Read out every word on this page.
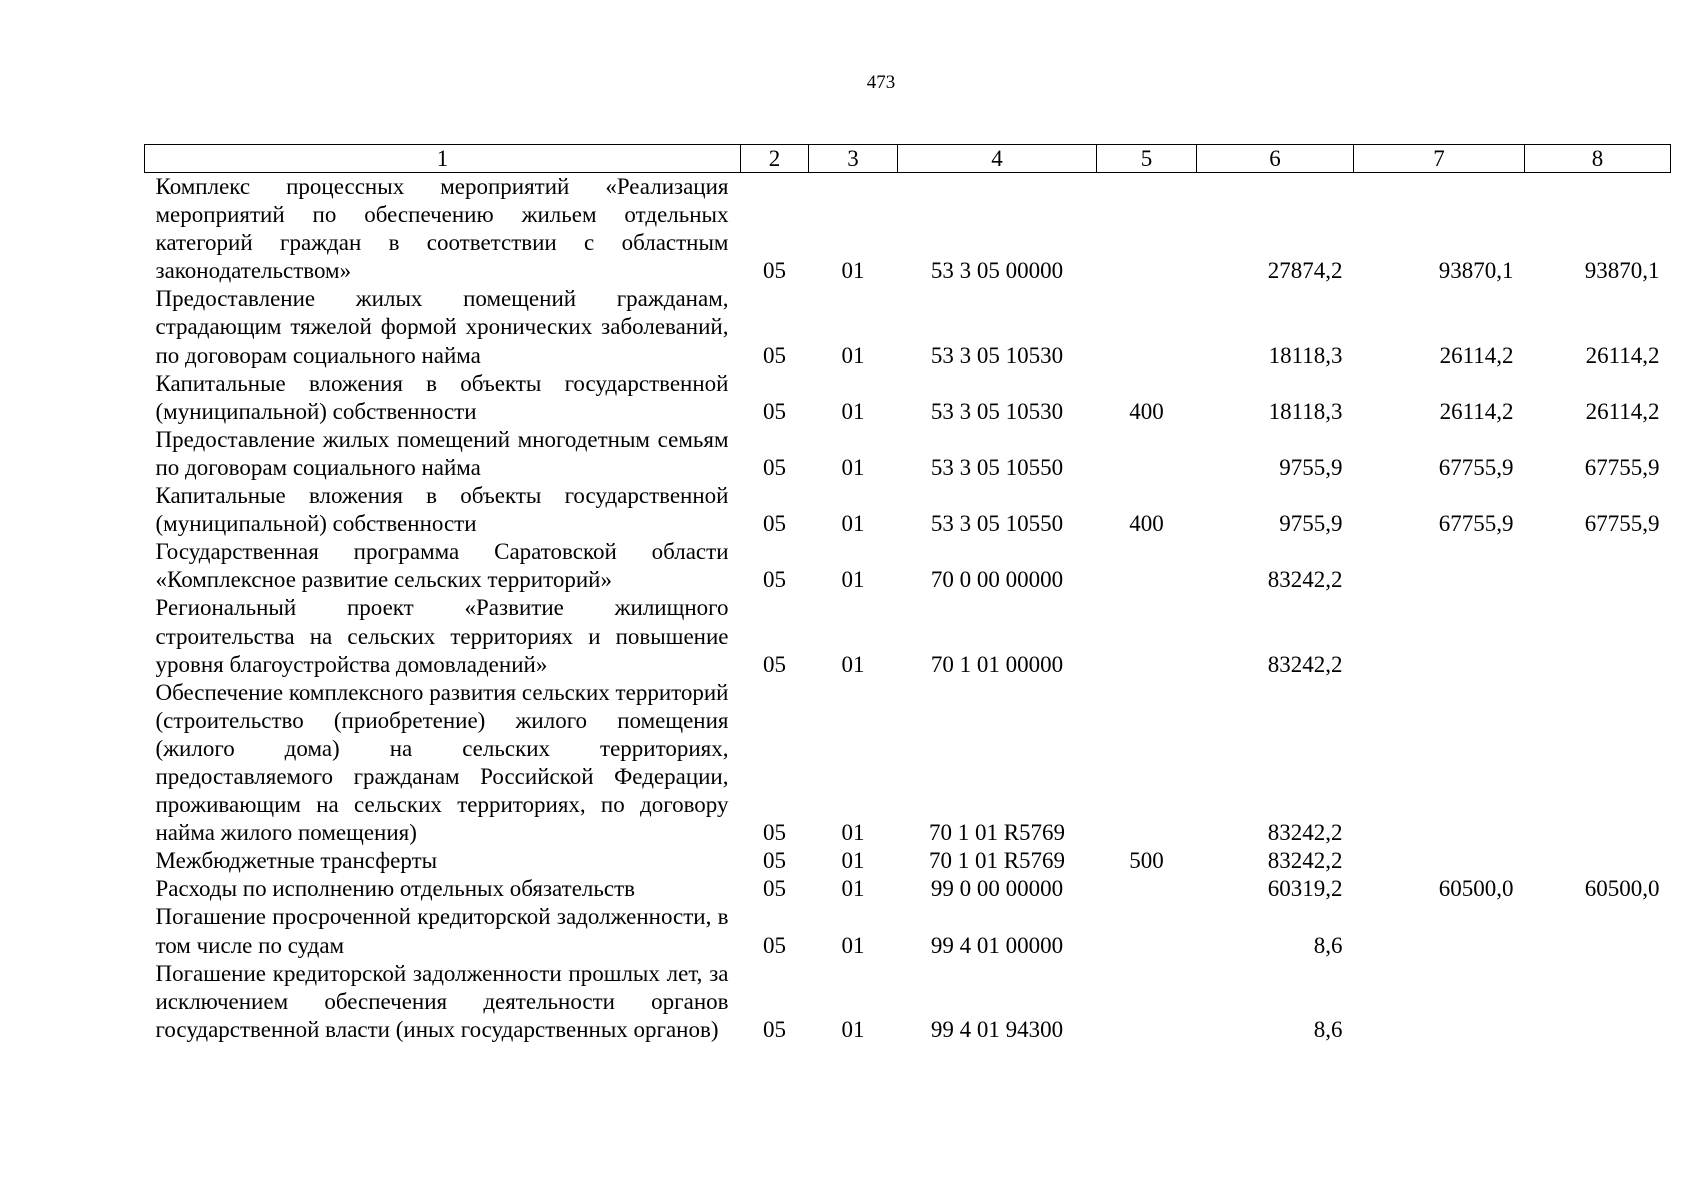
473
1	2	3	4	5	6	7	8
Комплекс процессных мероприятий «Реализация мероприятий по обеспечению жильем отдельных категорий граждан в соответствии с областным законодательством»	05	01	53 3 05 00000		27874,2	93870,1	93870,1
Предоставление жилых помещений гражданам, страдающим тяжелой формой хронических заболеваний, по договорам социального найма	05	01	53 3 05 10530		18118,3	26114,2	26114,2
Капитальные вложения в объекты государственной (муниципальной) собственности	05	01	53 3 05 10530	400	18118,3	26114,2	26114,2
Предоставление жилых помещений многодетным семьям по договорам социального найма	05	01	53 3 05 10550		9755,9	67755,9	67755,9
Капитальные вложения в объекты государственной (муниципальной) собственности	05	01	53 3 05 10550	400	9755,9	67755,9	67755,9
Государственная программа Саратовской области «Комплексное развитие сельских территорий»	05	01	70 0 00 00000		83242,2		
Региональный проект «Развитие жилищного строительства на сельских территориях и повышение уровня благоустройства домовладений»	05	01	70 1 01 00000		83242,2		
Обеспечение комплексного развития сельских территорий (строительство (приобретение) жилого помещения (жилого дома) на сельских территориях, предоставляемого гражданам Российской Федерации, проживающим на сельских территориях, по договору найма жилого помещения)	05	01	70 1 01 R5769		83242,2		
Межбюджетные трансферты	05	01	70 1 01 R5769	500	83242,2		
Расходы по исполнению отдельных обязательств	05	01	99 0 00 00000		60319,2	60500,0	60500,0
Погашение просроченной кредиторской задолженности, в том числе по судам	05	01	99 4 01 00000		8,6		
Погашение кредиторской задолженности прошлых лет, за исключением обеспечения деятельности органов государственной власти (иных государственных органов)	05	01	99 4 01 94300		8,6		
